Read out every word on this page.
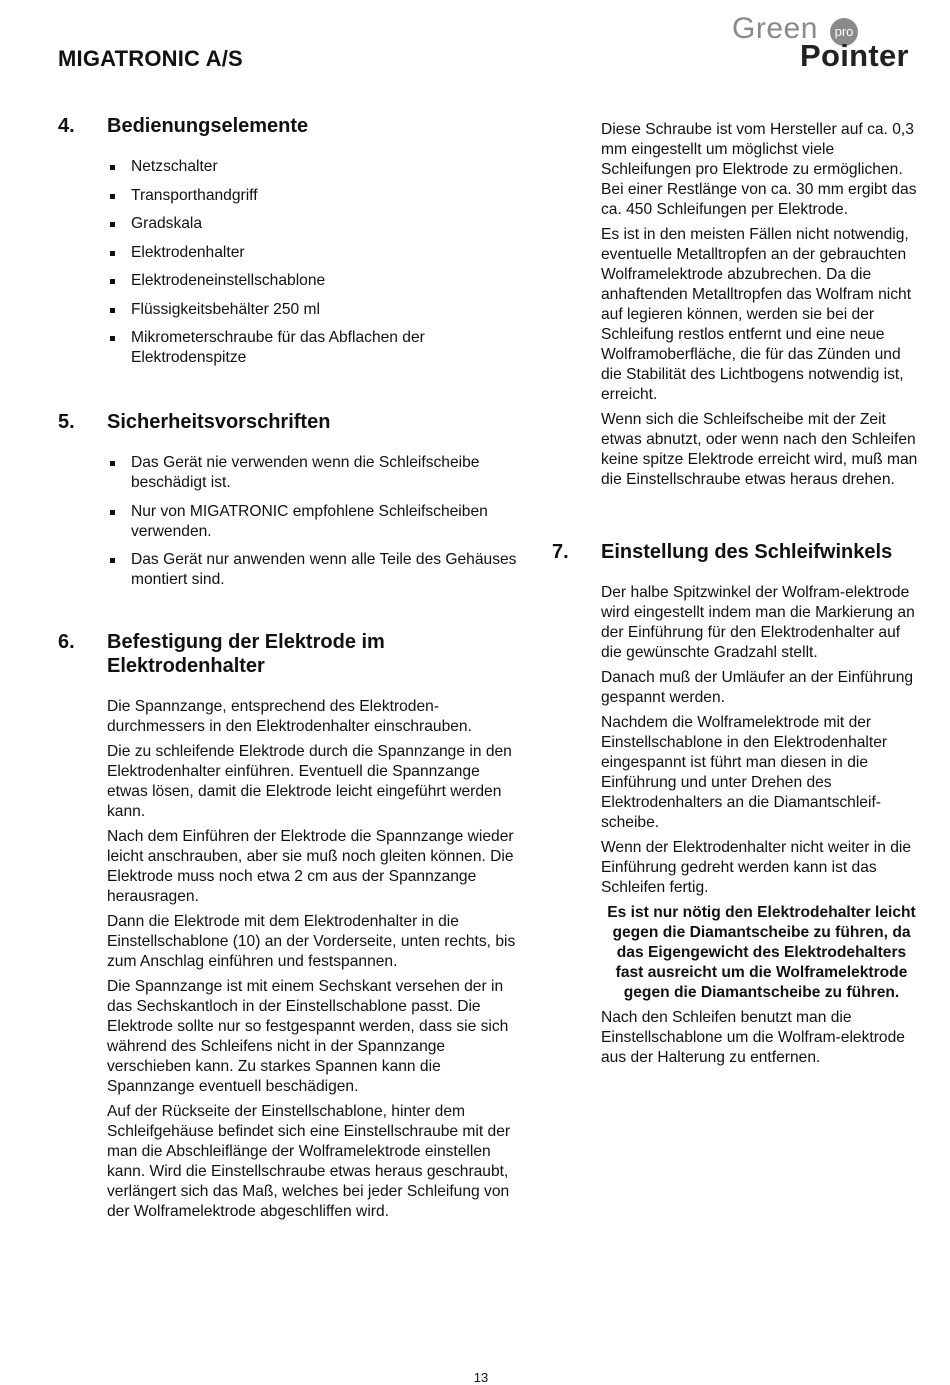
MIGATRONIC A/S
Green	pro
Pointer
4.	Bedienungselemente
Netzschalter
Transporthandgriff
Gradskala
Elektrodenhalter
Elektrodeneinstellschablone
Flüssigkeitsbehälter 250 ml
Mikrometerschraube für das Abflachen der Elektrodenspitze
5.	Sicherheitsvorschriften
Das Gerät nie verwenden wenn die Schleifscheibe beschädigt ist.
Nur von MIGATRONIC empfohlene Schleifscheiben verwenden.
Das Gerät nur anwenden wenn alle Teile des Gehäuses montiert sind.
6.	Befestigung der Elektrode im Elektrodenhalter

Die Spannzange, entsprechend des Elektroden-durchmessers in den Elektrodenhalter einschrauben.

Die zu schleifende Elektrode durch die Spannzange in den Elektrodenhalter einführen. Eventuell die Spannzange etwas lösen, damit die Elektrode leicht eingeführt werden kann.

Nach dem Einführen der Elektrode die Spannzange wieder leicht anschrauben, aber sie muß noch gleiten können. Die Elektrode muss noch etwa 2 cm aus der Spannzange herausragen.

Dann die Elektrode mit dem Elektrodenhalter in die Einstellschablone (10) an der Vorderseite, unten rechts, bis zum Anschlag einführen und festspannen.

Die Spannzange ist mit einem Sechskant versehen der in das Sechskantloch in der Einstellschablone passt. Die Elektrode sollte nur so festgespannt werden, dass sie sich während des Schleifens nicht in der Spannzange verschieben kann. Zu starkes Spannen kann die Spannzange eventuell beschädigen.

Auf der Rückseite der Einstellschablone, hinter dem Schleifgehäuse befindet sich eine Einstellschraube mit der man die Abschleiflänge der Wolframelektrode einstellen kann. Wird die Einstellschraube etwas heraus geschraubt, verlängert sich das Maß, welches bei jeder Schleifung von der Wolframelektrode abgeschliffen wird.

Diese Schraube ist vom Hersteller auf ca. 0,3 mm eingestellt um möglichst viele Schleifungen pro Elektrode zu ermöglichen. Bei einer Restlänge von ca. 30 mm ergibt das ca. 450 Schleifungen per Elektrode.

Es ist in den meisten Fällen nicht notwendig, eventuelle Metalltropfen an der gebrauchten Wolframelektrode abzubrechen. Da die anhaftenden Metalltropfen das Wolfram nicht auf legieren können, werden sie bei der Schleifung restlos entfernt und eine neue Wolframoberfläche, die für das Zünden und die Stabilität des Lichtbogens notwendig ist, erreicht.

Wenn sich die Schleifscheibe mit der Zeit etwas abnutzt, oder wenn nach den Schleifen keine spitze Elektrode erreicht wird, muß man die Einstellschraube etwas heraus drehen.

7.	Einstellung des Schleifwinkels

Der halbe Spitzwinkel der Wolfram-elektrode wird eingestellt indem man die Markierung an der Einführung für den Elektrodenhalter auf die gewünschte Gradzahl stellt.

Danach muß der Umläufer an der Einführung gespannt werden.

Nachdem die Wolframelektrode mit der Einstellschablone in den Elektrodenhalter eingespannt ist führt man diesen in die Einführung und unter Drehen des Elektrodenhalters an die Diamantschleif-scheibe.

Wenn der Elektrodenhalter nicht weiter in die Einführung gedreht werden kann ist das Schleifen fertig.

Es ist nur nötig den Elektrodehalter leicht gegen die Diamantscheibe zu führen, da das Eigengewicht des Elektrodehalters fast ausreicht um die Wolframelektrode gegen die Diamantscheibe zu führen.

Nach den Schleifen benutzt man die Einstellschablone um die Wolfram-elektrode aus der Halterung zu entfernen.

13
